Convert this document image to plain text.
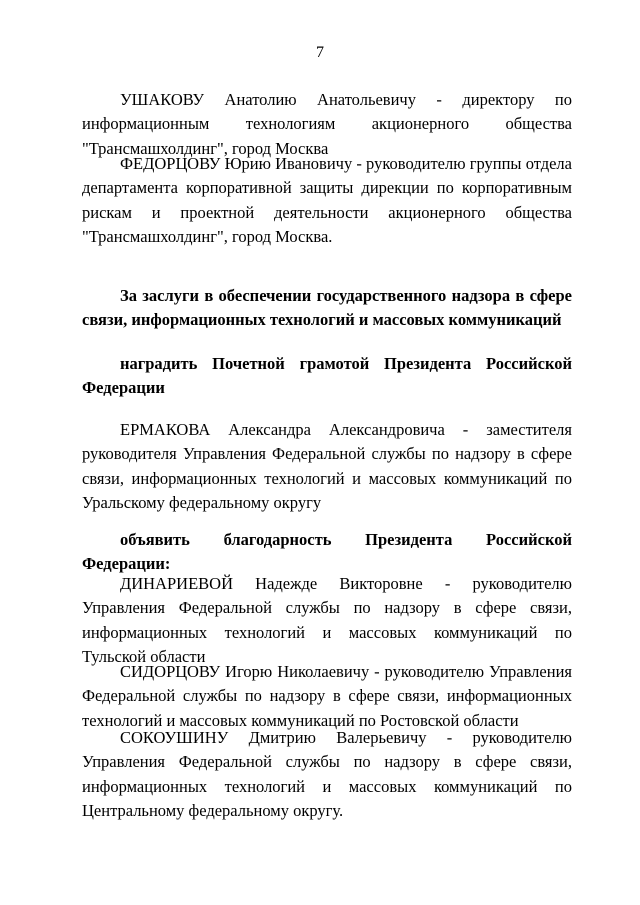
7

УШАКОВУ Анатолию Анатольевичу - директору по информационным технологиям акционерного общества "Трансмашхолдинг", город Москва

ФЕДОРЦОВУ Юрию Ивановичу - руководителю группы отдела департамента корпоративной защиты дирекции по корпоративным рискам и проектной деятельности акционерного общества "Трансмашхолдинг", город Москва.

За заслуги в обеспечении государственного надзора в сфере связи, информационных технологий и массовых коммуникаций

наградить Почетной грамотой Президента Российской Федерации

ЕРМАКОВА Александра Александровича - заместителя руководителя Управления Федеральной службы по надзору в сфере связи, информационных технологий и массовых коммуникаций по Уральскому федеральному округу

объявить благодарность Президента Российской Федерации:

ДИНАРИЕВОЙ Надежде Викторовне - руководителю Управления Федеральной службы по надзору в сфере связи, информационных технологий и массовых коммуникаций по Тульской области

СИДОРЦОВУ Игорю Николаевичу - руководителю Управления Федеральной службы по надзору в сфере связи, информационных технологий и массовых коммуникаций по Ростовской области

СОКОУШИНУ Дмитрию Валерьевичу - руководителю Управления Федеральной службы по надзору в сфере связи, информационных технологий и массовых коммуникаций по Центральному федеральному округу.
